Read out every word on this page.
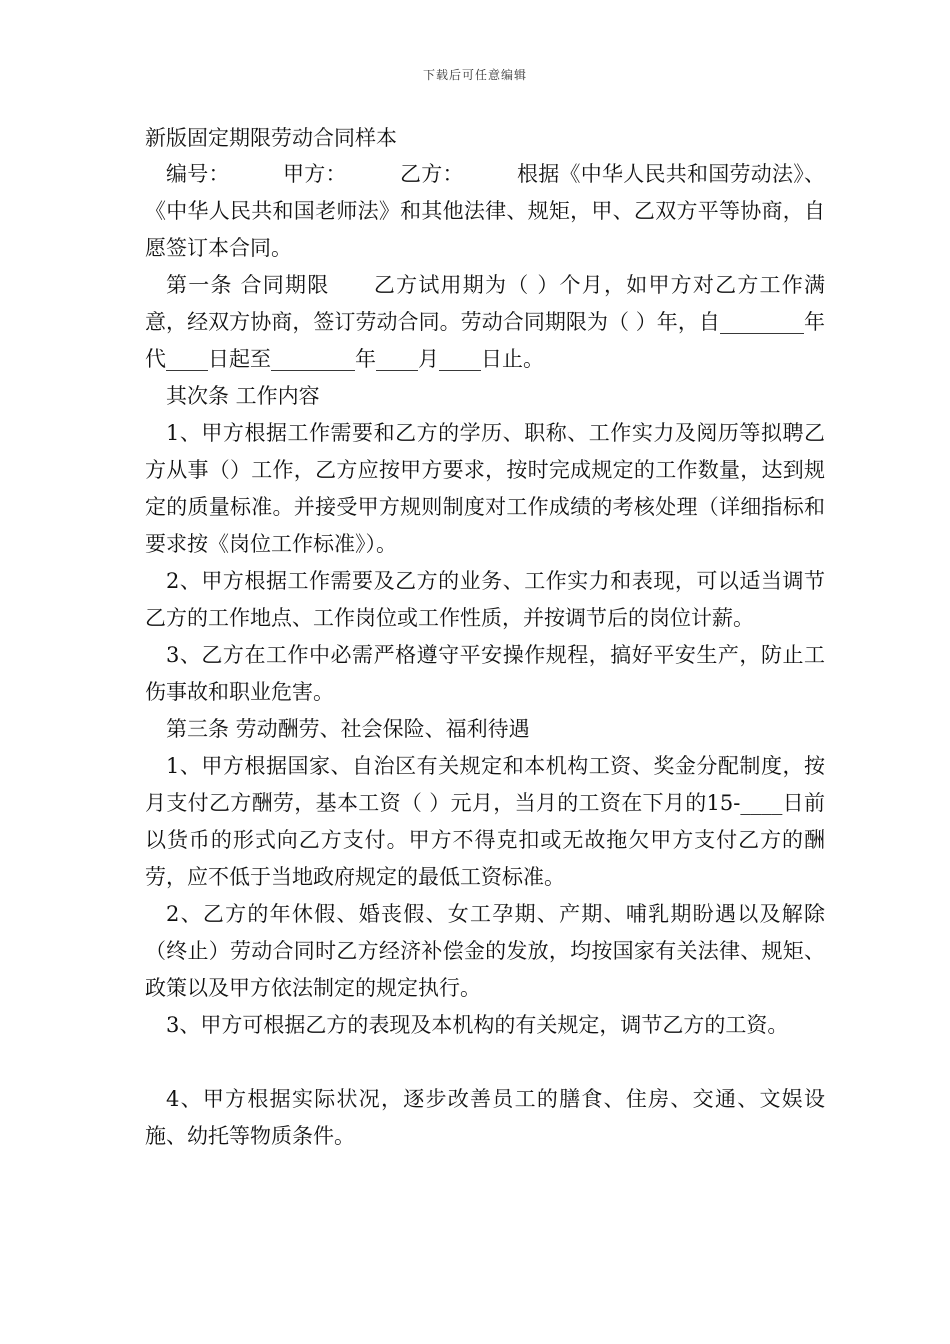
下载后可任意编辑
新版固定期限劳动合同样本

编号：　　　甲方：　　　乙方：　　　根据《中华人民共和国劳动法》、《中华人民共和国老师法》和其他法律、规矩，甲、乙双方平等协商，自愿签订本合同。

第一条 合同期限　　乙方试用期为（ ）个月，如甲方对乙方工作满意，经双方协商，签订劳动合同。劳动合同期限为（ ）年，自________年代____日起至________年____月____日止。

其次条 工作内容

1、甲方根据工作需要和乙方的学历、职称、工作实力及阅历等拟聘乙方从事（）工作，乙方应按甲方要求，按时完成规定的工作数量，达到规定的质量标准。并接受甲方规则制度对工作成绩的考核处理（详细指标和要求按《岗位工作标准》）。

2、甲方根据工作需要及乙方的业务、工作实力和表现，可以适当调节乙方的工作地点、工作岗位或工作性质，并按调节后的岗位计薪。

3、乙方在工作中必需严格遵守平安操作规程，搞好平安生产，防止工伤事故和职业危害。

第三条 劳动酬劳、社会保险、福利待遇

1、甲方根据国家、自治区有关规定和本机构工资、奖金分配制度，按月支付乙方酬劳，基本工资（ ）元月，当月的工资在下月的15-____日前以货币的形式向乙方支付。甲方不得克扣或无故拖欠甲方支付乙方的酬劳，应不低于当地政府规定的最低工资标准。

2、乙方的年休假、婚丧假、女工孕期、产期、哺乳期盼遇以及解除（终止）劳动合同时乙方经济补偿金的发放，均按国家有关法律、规矩、政策以及甲方依法制定的规定执行。

3、甲方可根据乙方的表现及本机构的有关规定，调节乙方的工资。

4、甲方根据实际状况，逐步改善员工的膳食、住房、交通、文娱设施、幼托等物质条件。
